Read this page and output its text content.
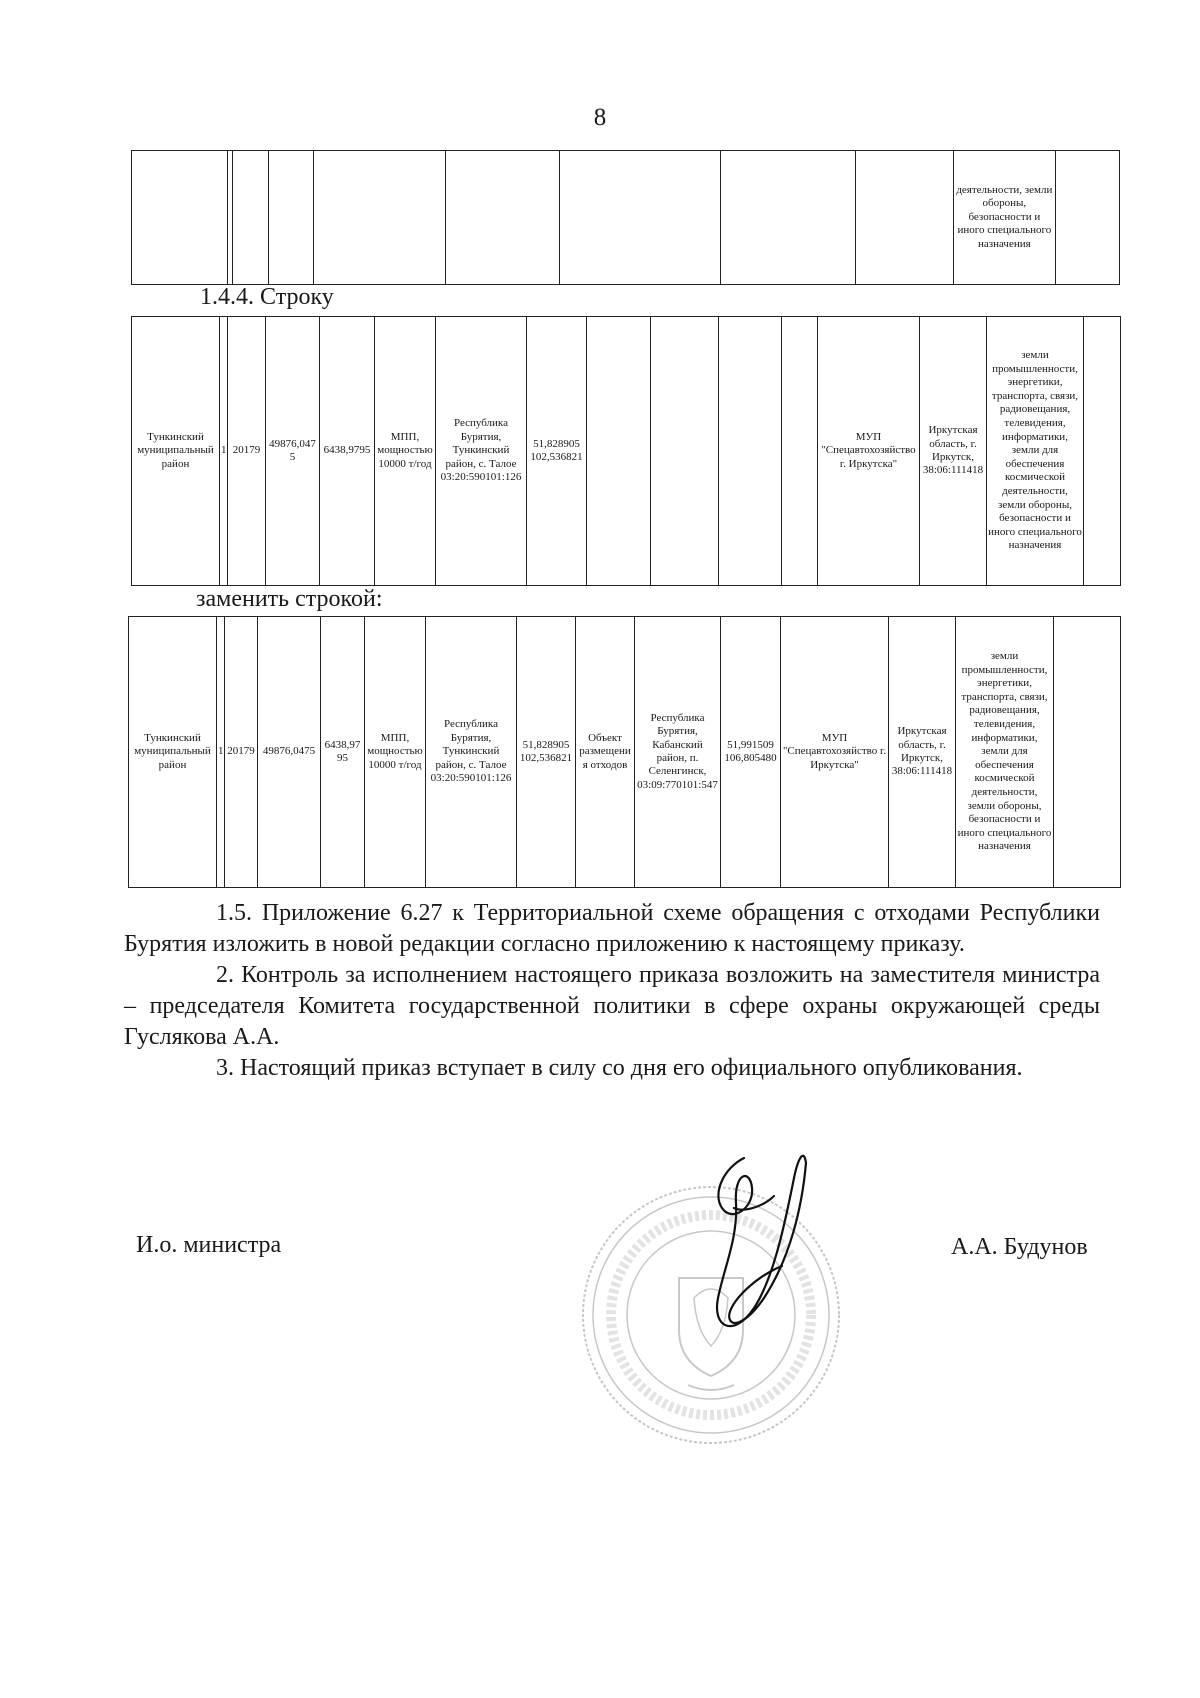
8
									деятельности, земли обороны, безопасности и иного специального назначения	
1.4.4. Строку
Тункинский муниципальный район	1	20179	49876,0475	6438,9795	МПП, мощностью 10000 т/год	Республика Бурятия, Тункинский район, с. Талое 03:20:590101:126	51,828905 102,536821					МУП "Спецавтохозяйство г. Иркутска"	Иркутская область, г. Иркутск, 38:06:111418	земли промышленности, энергетики, транспорта, связи, радиовещания, телевидения, информатики, земли для обеспечения космической деятельности, земли обороны, безопасности и иного специального назначения	
заменить строкой:
Тункинский муниципальный район	1	20179	49876,0475	6438,9795	МПП, мощностью 10000 т/год	Республика Бурятия, Тункинский район, с. Талое 03:20:590101:126	51,828905 102,536821	Объект размещения отходов	Республика Бурятия, Кабанский район, п. Селенгинск, 03:09:770101:547	51,991509 106,805480	МУП "Спецавтохозяйство г. Иркутска"	Иркутская область, г. Иркутск, 38:06:111418	земли промышленности, энергетики, транспорта, связи, радиовещания, телевидения, информатики, земли для обеспечения космической деятельности, земли обороны, безопасности и иного специального назначения	

1.5. Приложение 6.27 к Территориальной схеме обращения с отходами Республики Бурятия изложить в новой редакции согласно приложению к настоящему приказу.

2. Контроль за исполнением настоящего приказа возложить на заместителя министра – председателя Комитета государственной политики в сфере охраны окружающей среды Гуслякова А.А.

3. Настоящий приказ вступает в силу со дня его официального опубликования.

И.о. министра	А.А. Будунов
